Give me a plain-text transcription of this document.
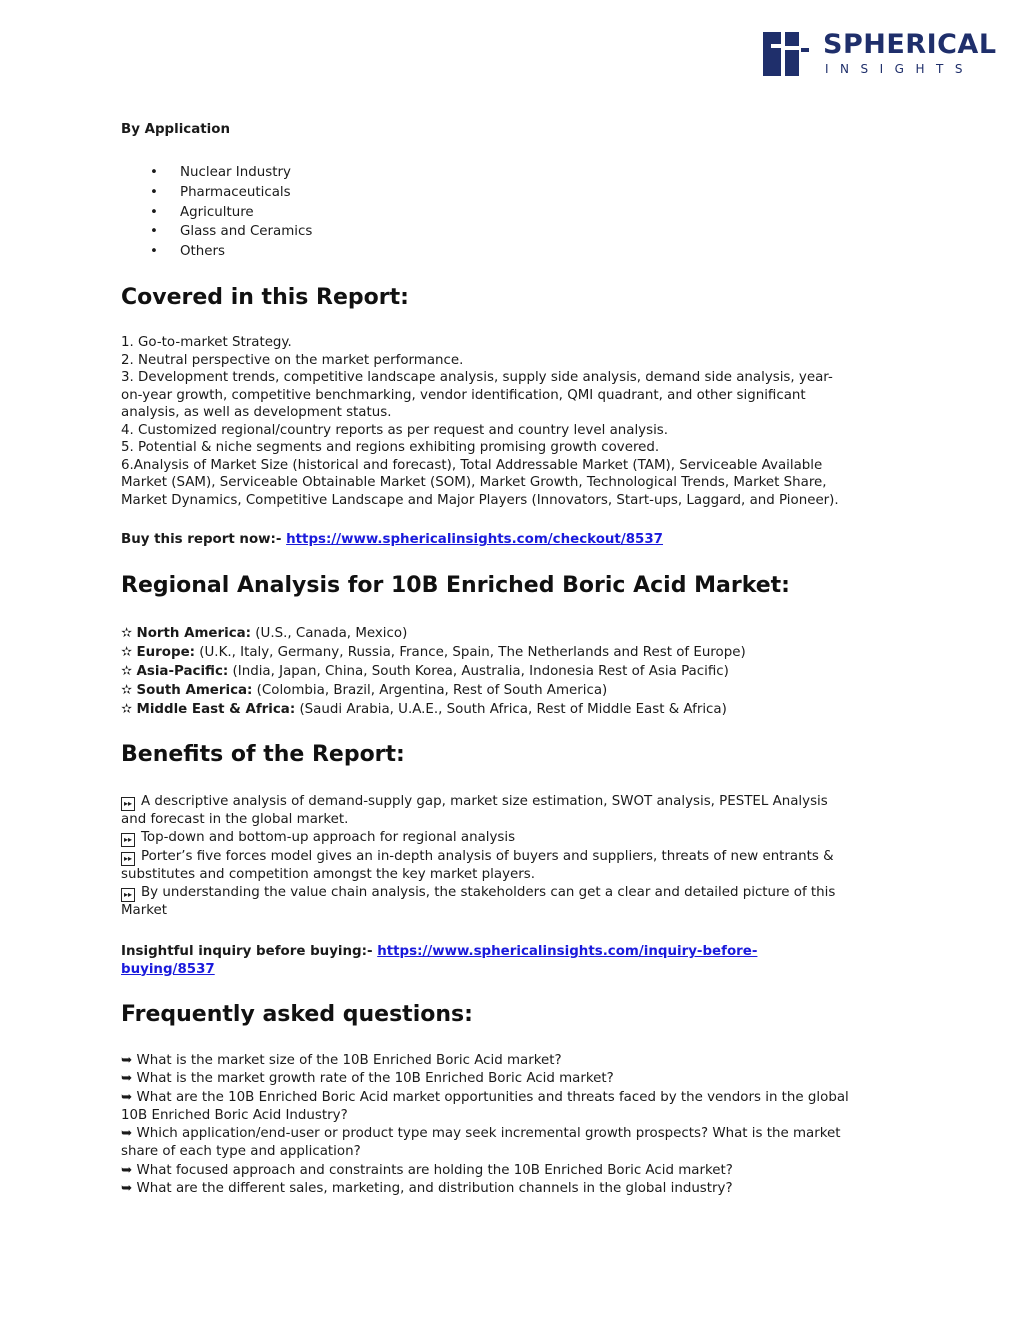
SPHERICAL
INSIGHTS
By Application
• Nuclear Industry
• Pharmaceuticals
• Agriculture
• Glass and Ceramics
• Others
Covered in this Report:
1. Go-to-market Strategy.
2. Neutral perspective on the market performance.
3. Development trends, competitive landscape analysis, supply side analysis, demand side analysis, year-
on-year growth, competitive benchmarking, vendor identification, QMI quadrant, and other significant
analysis, as well as development status.
4. Customized regional/country reports as per request and country level analysis.
5. Potential & niche segments and regions exhibiting promising growth covered.
6.Analysis of Market Size (historical and forecast), Total Addressable Market (TAM), Serviceable Available
Market (SAM), Serviceable Obtainable Market (SOM), Market Growth, Technological Trends, Market Share,
Market Dynamics, Competitive Landscape and Major Players (Innovators, Start-ups, Laggard, and Pioneer).
Buy this report now:- https://www.sphericalinsights.com/checkout/8537
Regional Analysis for 10B Enriched Boric Acid Market:
✫ North America: (U.S., Canada, Mexico)
✫ Europe: (U.K., Italy, Germany, Russia, France, Spain, The Netherlands and Rest of Europe)
✫ Asia-Pacific: (India, Japan, China, South Korea, Australia, Indonesia Rest of Asia Pacific)
✫ South America: (Colombia, Brazil, Argentina, Rest of South America)
✫ Middle East & Africa: (Saudi Arabia, U.A.E., South Africa, Rest of Middle East & Africa)
Benefits of the Report:
▸▸ A descriptive analysis of demand-supply gap, market size estimation, SWOT analysis, PESTEL Analysis
and forecast in the global market.
▸▸ Top-down and bottom-up approach for regional analysis
▸▸ Porter’s five forces model gives an in-depth analysis of buyers and suppliers, threats of new entrants &
substitutes and competition amongst the key market players.
▸▸ By understanding the value chain analysis, the stakeholders can get a clear and detailed picture of this
Market
Insightful inquiry before buying:- https://www.sphericalinsights.com/inquiry-before-
buying/8537
Frequently asked questions:
➥ What is the market size of the 10B Enriched Boric Acid market?
➥ What is the market growth rate of the 10B Enriched Boric Acid market?
➥ What are the 10B Enriched Boric Acid market opportunities and threats faced by the vendors in the global
10B Enriched Boric Acid Industry?
➥ Which application/end-user or product type may seek incremental growth prospects? What is the market
share of each type and application?
➥ What focused approach and constraints are holding the 10B Enriched Boric Acid market?
➥ What are the different sales, marketing, and distribution channels in the global industry?
